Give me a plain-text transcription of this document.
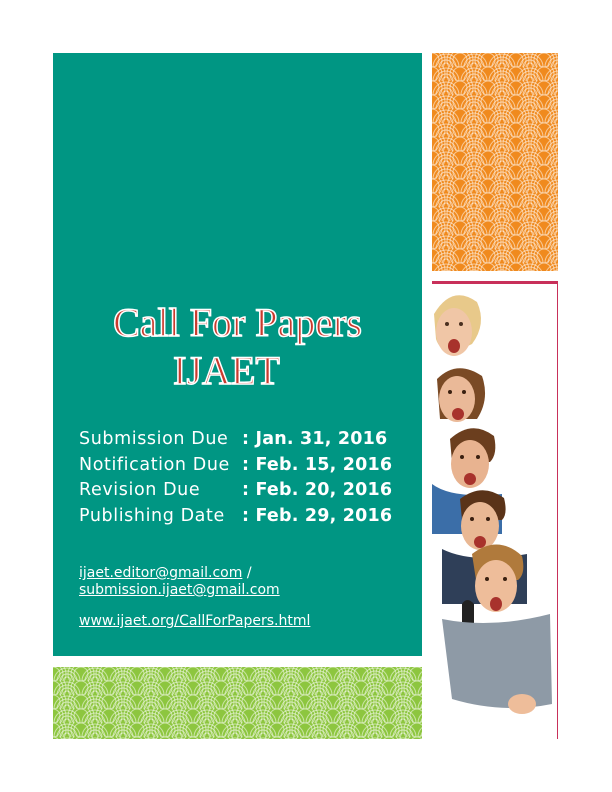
Call For Papers
IJAET
Submission Due : Jan. 31, 2016
Notification Due : Feb. 15, 2016
Revision Due	: Feb. 20, 2016
Publishing Date : Feb. 29, 2016
ijaet.editor@gmail.com /
submission.ijaet@gmail.com
www.ijaet.org/CallForPapers.html
